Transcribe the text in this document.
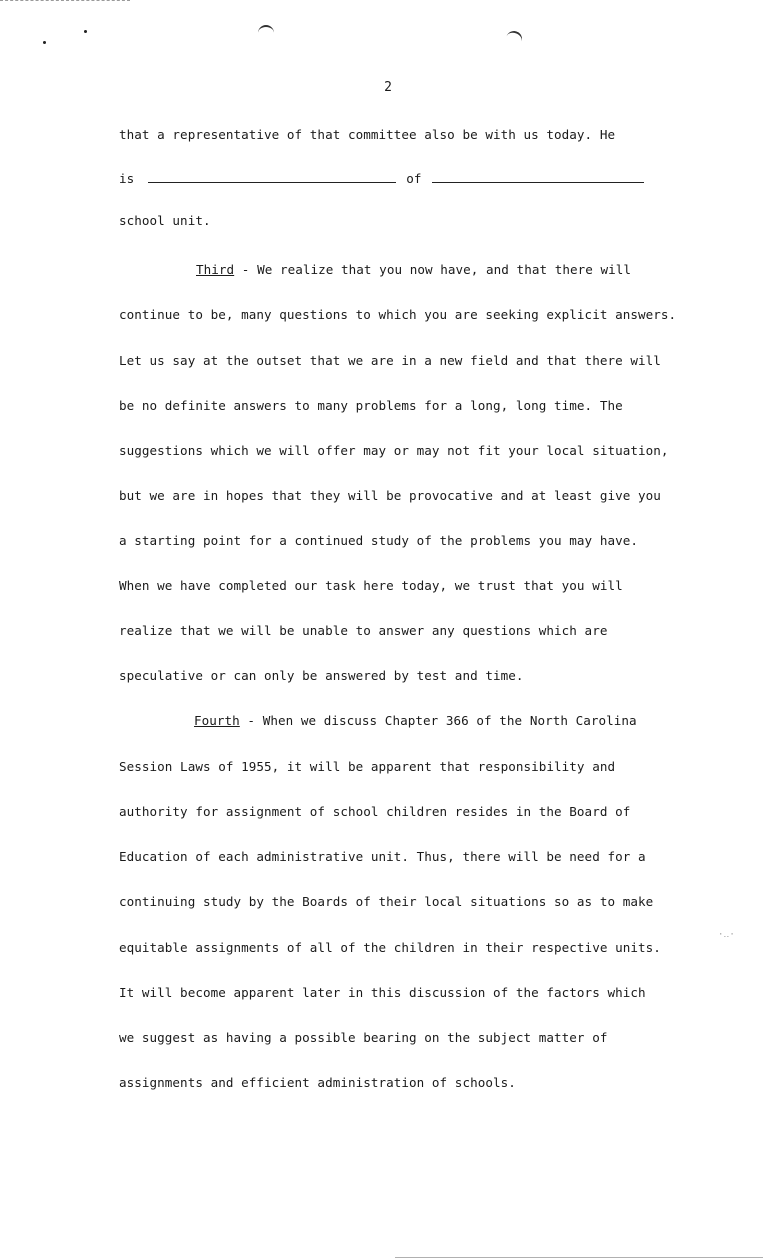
2
that a representative of that committee also be with us today. He
is	of
school unit.
Third - We realize that you now have, and that there will
continue to be, many questions to which you are seeking explicit answers.
Let us say at the outset that we are in a new field and that there will
be no definite answers to many problems for a long, long time. The
suggestions which we will offer may or may not fit your local situation,
but we are in hopes that they will be provocative and at least give you
a starting point for a continued study of the problems you may have.
When we have completed our task here today, we trust that you will
realize that we will be unable to answer any questions which are
speculative or can only be answered by test and time.
Fourth - When we discuss Chapter 366 of the North Carolina
Session Laws of 1955, it will be apparent that responsibility and
authority for assignment of school children resides in the Board of
Education of each administrative unit. Thus, there will be need for a
continuing study by the Boards of their local situations so as to make
equitable assignments of all of the children in their respective units.
It will become apparent later in this discussion of the factors which
we suggest as having a possible bearing on the subject matter of
assignments and efficient administration of schools.
·‥·
